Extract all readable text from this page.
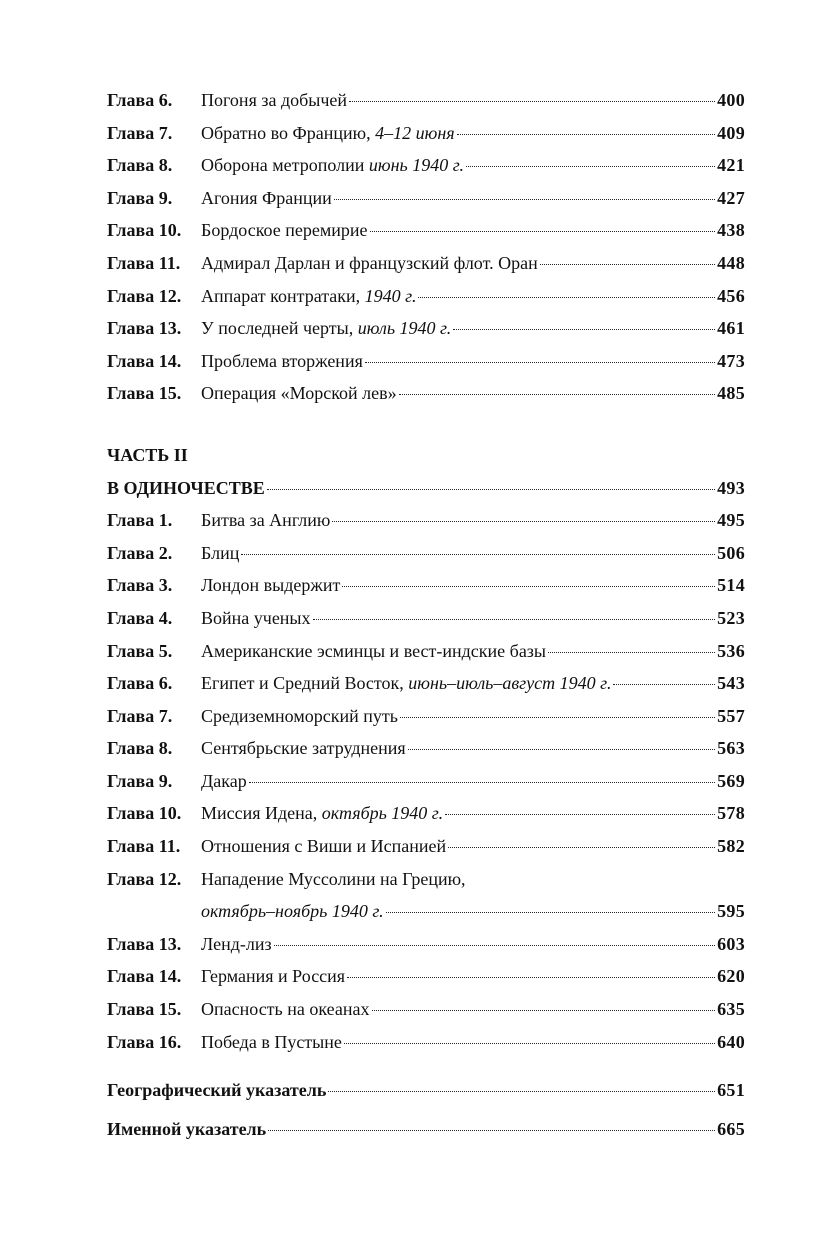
Глава 6.	Погоня за добычей	400
Глава 7.	Обратно во Францию, 4–12 июня	409
Глава 8.	Оборона метрополии июнь 1940 г.	421
Глава 9.	Агония Франции	427
Глава 10.	Бордоское перемирие	438
Глава 11.	Адмирал Дарлан и французский флот. Оран	448
Глава 12.	Аппарат контратаки, 1940 г.	456
Глава 13.	У последней черты, июль 1940 г.	461
Глава 14.	Проблема вторжения	473
Глава 15.	Операция «Морской лев»	485
ЧАСТЬ II
В ОДИНОЧЕСТВЕ	493
Глава 1.	Битва за Англию	495
Глава 2.	Блиц	506
Глава 3.	Лондон выдержит	514
Глава 4.	Война ученых	523
Глава 5.	Американские эсминцы и вест-индские базы	536
Глава 6.	Египет и Средний Восток, июнь–июль–август 1940 г.	543
Глава 7.	Средиземноморский путь	557
Глава 8.	Сентябрьские затруднения	563
Глава 9.	Дакар	569
Глава 10.	Миссия Идена, октябрь 1940 г.	578
Глава 11.	Отношения с Виши и Испанией	582
Глава 12.	Нападение Муссолини на Грецию,
октябрь–ноябрь 1940 г.	595
Глава 13.	Ленд-лиз	603
Глава 14.	Германия и Россия	620
Глава 15.	Опасность на океанах	635
Глава 16.	Победа в Пустыне	640
Географический указатель	651
Именной указатель	665
